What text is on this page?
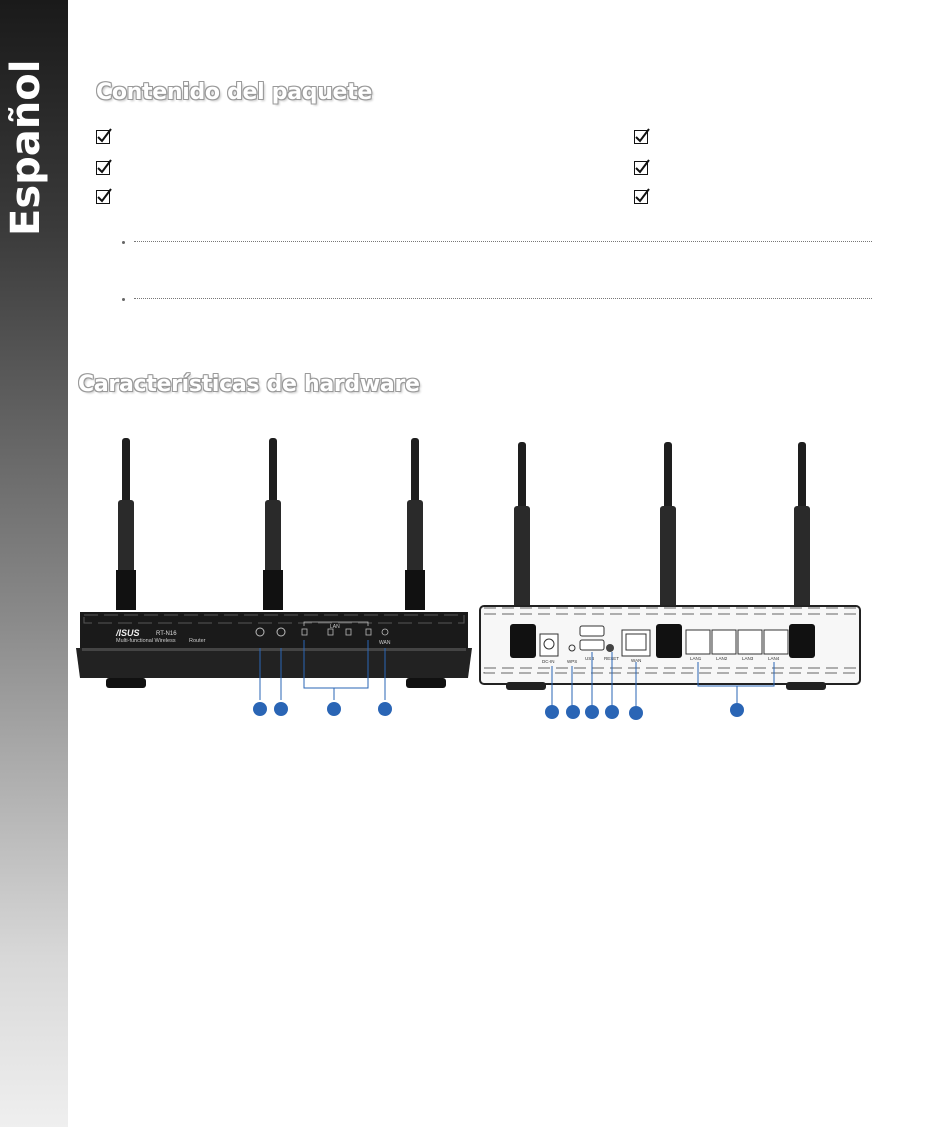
Español Contenido del paquete
Características de hardware
/ISUS	RT-N16
Multi-functional Wireless Router
LAN
WAN
DC-IN	WPS
USB RESET	WAN	LAN1	LAN2	LAN3	LAN4
